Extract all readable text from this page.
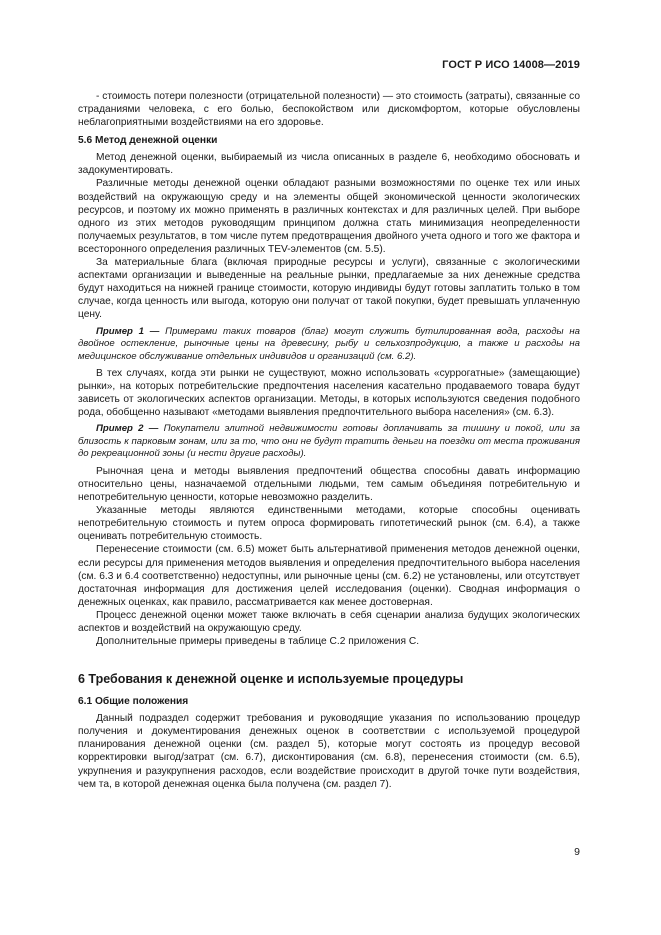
ГОСТ Р ИСО 14008—2019

- стоимость потери полезности (отрицательной полезности) — это стоимость (затраты), связанные со страданиями человека, с его болью, беспокойством или дискомфортом, которые обусловлены неблагоприятными воздействиями на его здоровье.

5.6 Метод денежной оценки

Метод денежной оценки, выбираемый из числа описанных в разделе 6, необходимо обосновать и задокументировать.

Различные методы денежной оценки обладают разными возможностями по оценке тех или иных воздействий на окружающую среду и на элементы общей экономической ценности экологических ресурсов, и поэтому их можно применять в различных контекстах и для различных целей. При выборе одного из этих методов руководящим принципом должна стать минимизация неопределенности получаемых результатов, в том числе путем предотвращения двойного учета одного и того же фактора и всесторонного определения различных TEV-элементов (см. 5.5).

За материальные блага (включая природные ресурсы и услуги), связанные с экологическими аспектами организации и выведенные на реальные рынки, предлагаемые за них денежные средства будут находиться на нижней границе стоимости, которую индивиды будут готовы заплатить только в том случае, когда ценность или выгода, которую они получат от такой покупки, будет превышать уплаченную цену.

Пример 1 — Примерами таких товаров (благ) могут служить бутилированная вода, расходы на двойное остекление, рыночные цены на древесину, рыбу и сельхозпродукцию, а также и расходы на медицинское обслуживание отдельных индивидов и организаций (см. 6.2).

В тех случаях, когда эти рынки не существуют, можно использовать «суррогатные» (замещающие) рынки», на которых потребительские предпочтения населения касательно продаваемого товара будут зависеть от экологических аспектов организации. Методы, в которых используются сведения подобного рода, обобщенно называют «методами выявления предпочтительного выбора населения» (см. 6.3).

Пример 2 — Покупатели элитной недвижимости готовы доплачивать за тишину и покой, или за близость к парковым зонам, или за то, что они не будут тратить деньги на поездки от места проживания до рекреационной зоны (и нести другие расходы).

Рыночная цена и методы выявления предпочтений общества способны давать информацию относительно цены, назначаемой отдельными людьми, тем самым объединяя потребительную и непотребительную ценности, которые невозможно разделить.

Указанные методы являются единственными методами, которые способны оценивать непотребительную стоимость и путем опроса формировать гипотетический рынок (см. 6.4), а также оценивать потребительную стоимость.

Перенесение стоимости (см. 6.5) может быть альтернативой применения методов денежной оценки, если ресурсы для применения методов выявления и определения предпочтительного выбора населения (см. 6.3 и 6.4 соответственно) недоступны, или рыночные цены (см. 6.2) не установлены, или отсутствует достаточная информация для достижения целей исследования (оценки). Сводная информация о денежных оценках, как правило, рассматривается как менее достоверная.

Процесс денежной оценки может также включать в себя сценарии анализа будущих экологических аспектов и воздействий на окружающую среду.

Дополнительные примеры приведены в таблице С.2 приложения С.

6 Требования к денежной оценке и используемые процедуры
6.1 Общие положения

Данный подраздел содержит требования и руководящие указания по использованию процедур получения и документирования денежных оценок в соответствии с используемой процедурой планирования денежной оценки (см. раздел 5), которые могут состоять из процедур весовой корректировки выгод/затрат (см. 6.7), дисконтирования (см. 6.8), перенесения стоимости (см. 6.5), укрупнения и разукрупнения расходов, если воздействие происходит в другой точке пути воздействия, чем та, в которой денежная оценка была получена (см. раздел 7).

9
